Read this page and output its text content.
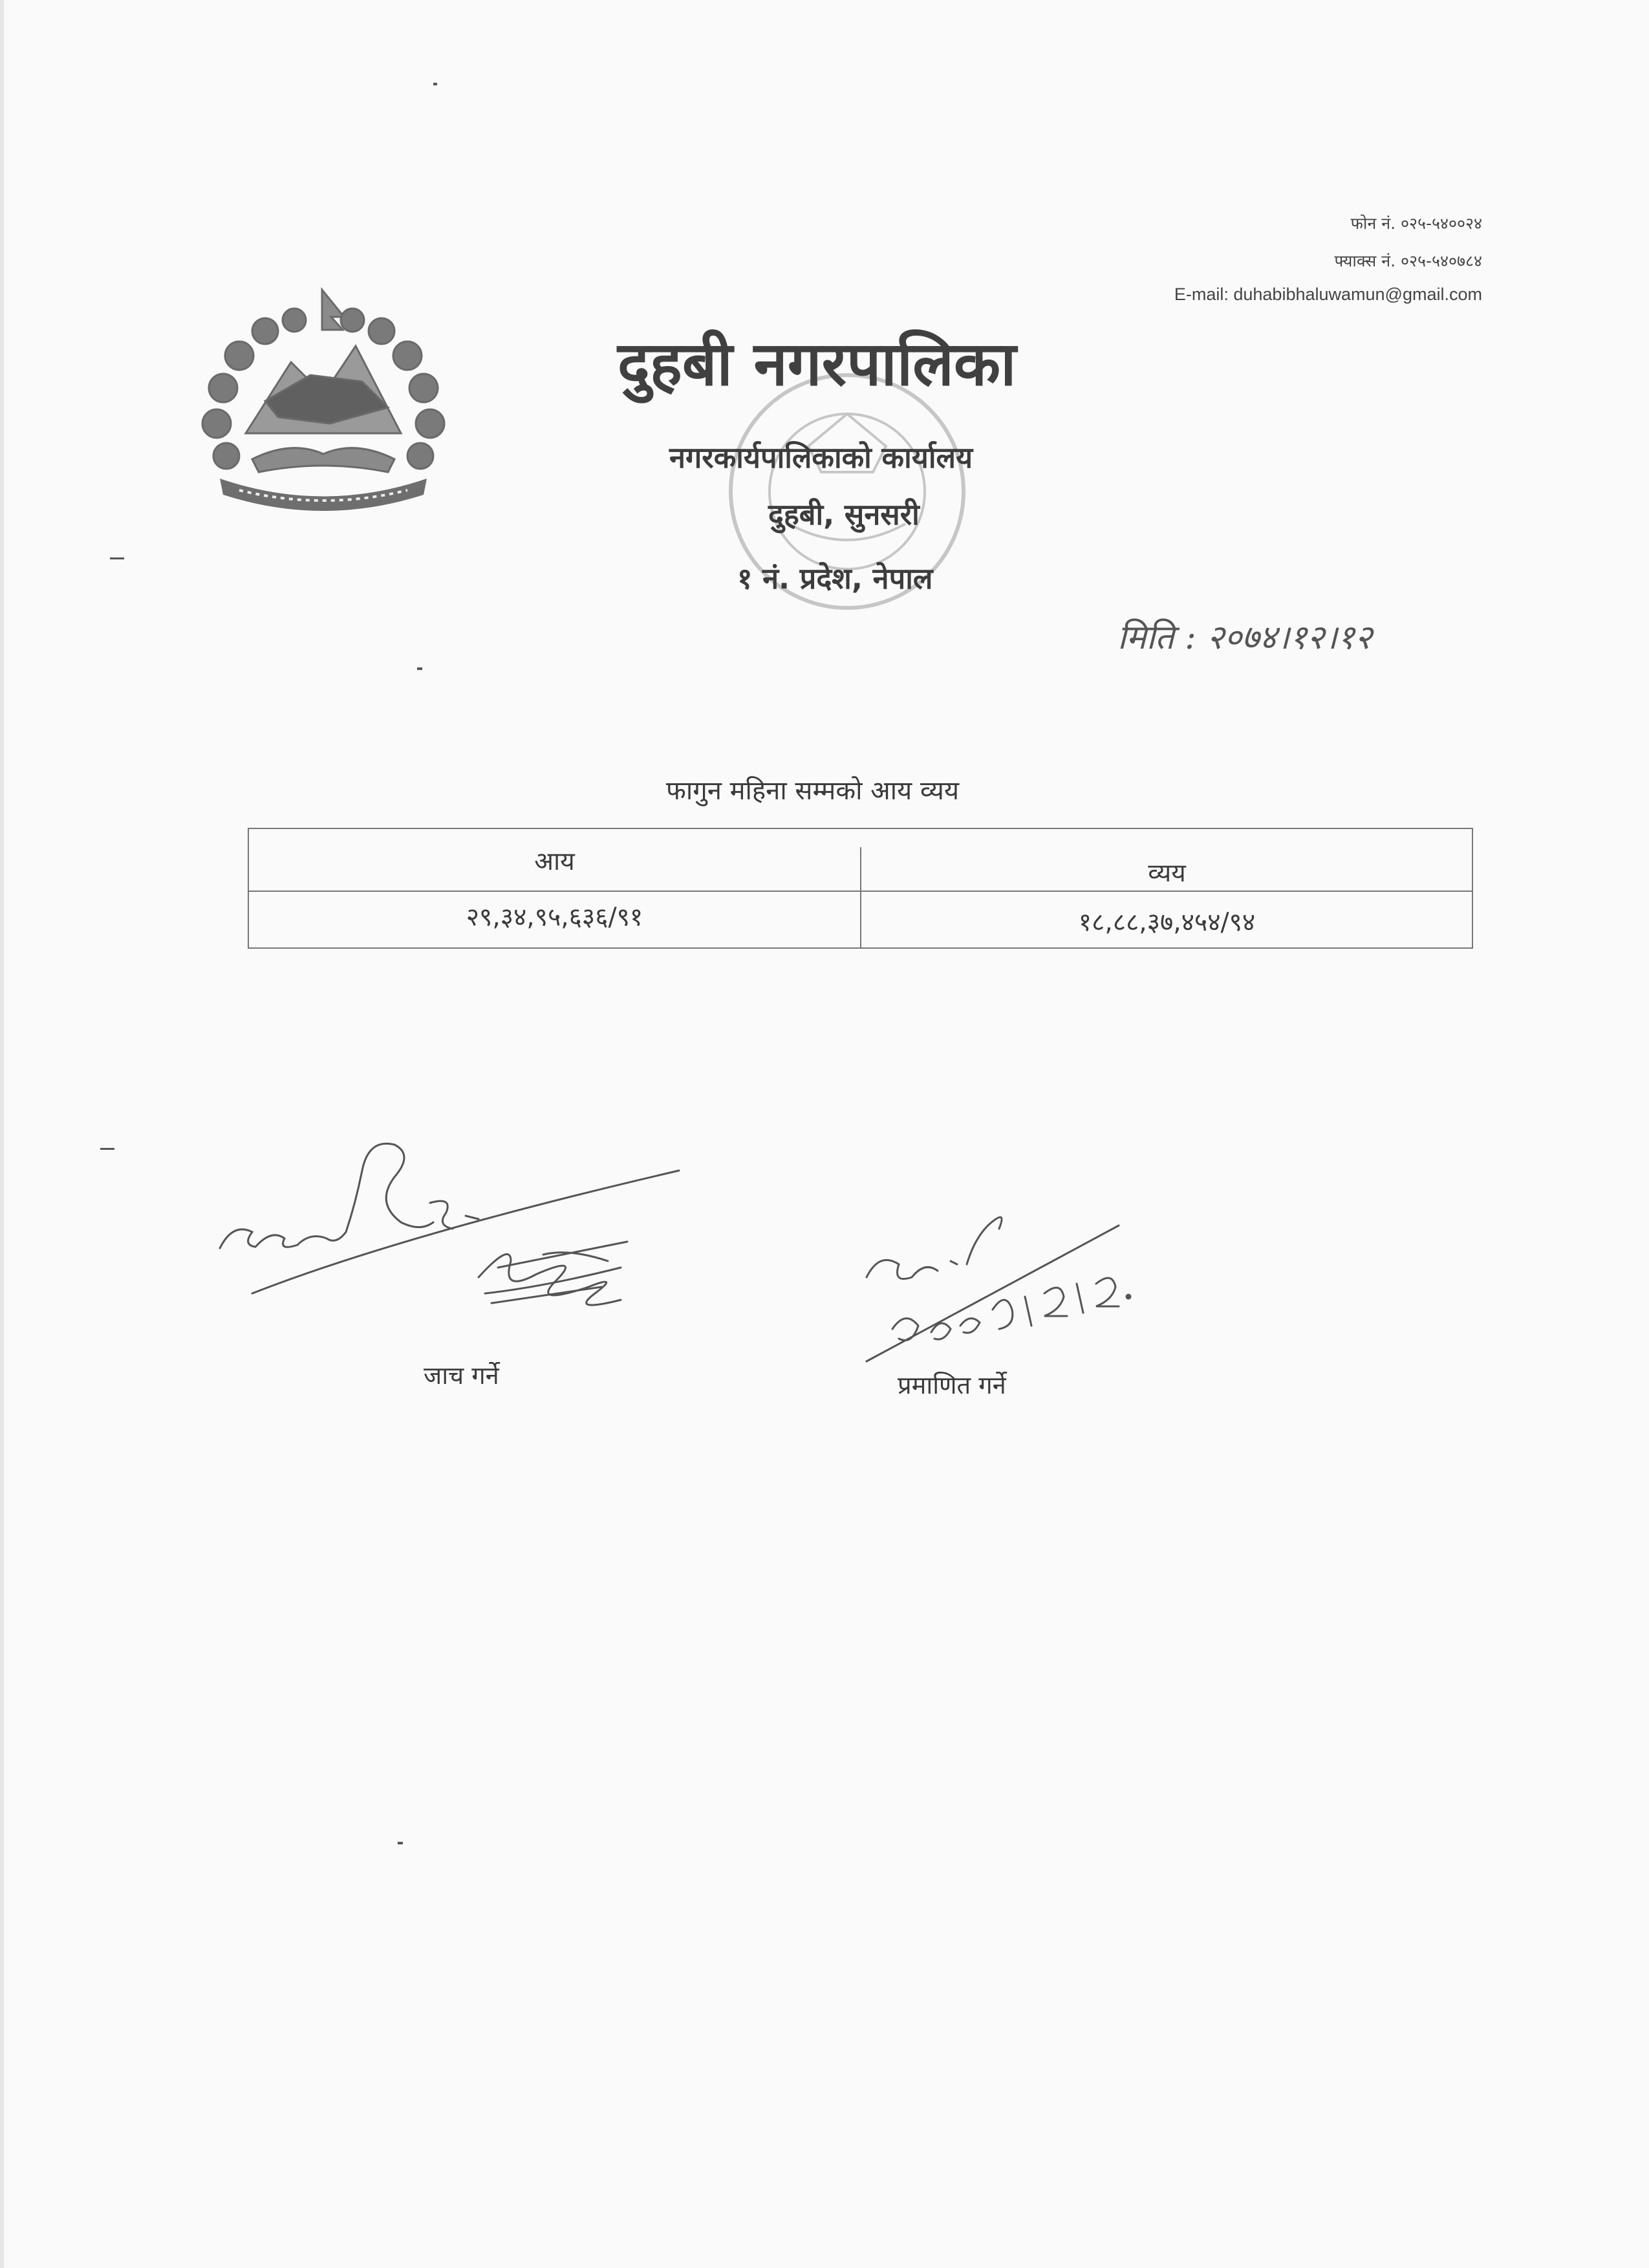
फोन नं. ०२५-५४००२४
फ्याक्स नं. ०२५-५४०७८४
E-mail: duhabibhaluwamun@gmail.com
दुहबी नगरपालिका
नगरकार्यपालिकाको कार्यालय
दुहबी, सुनसरी
१ नं. प्रदेश, नेपाल
मिति : २०७४।१२।१२
फागुन महिना सम्मको आय व्यय
आय	व्यय
२९,३४,९५,६३६/९१	१८,८८,३७,४५४/९४
जाच गर्ने	प्रमाणित गर्ने
